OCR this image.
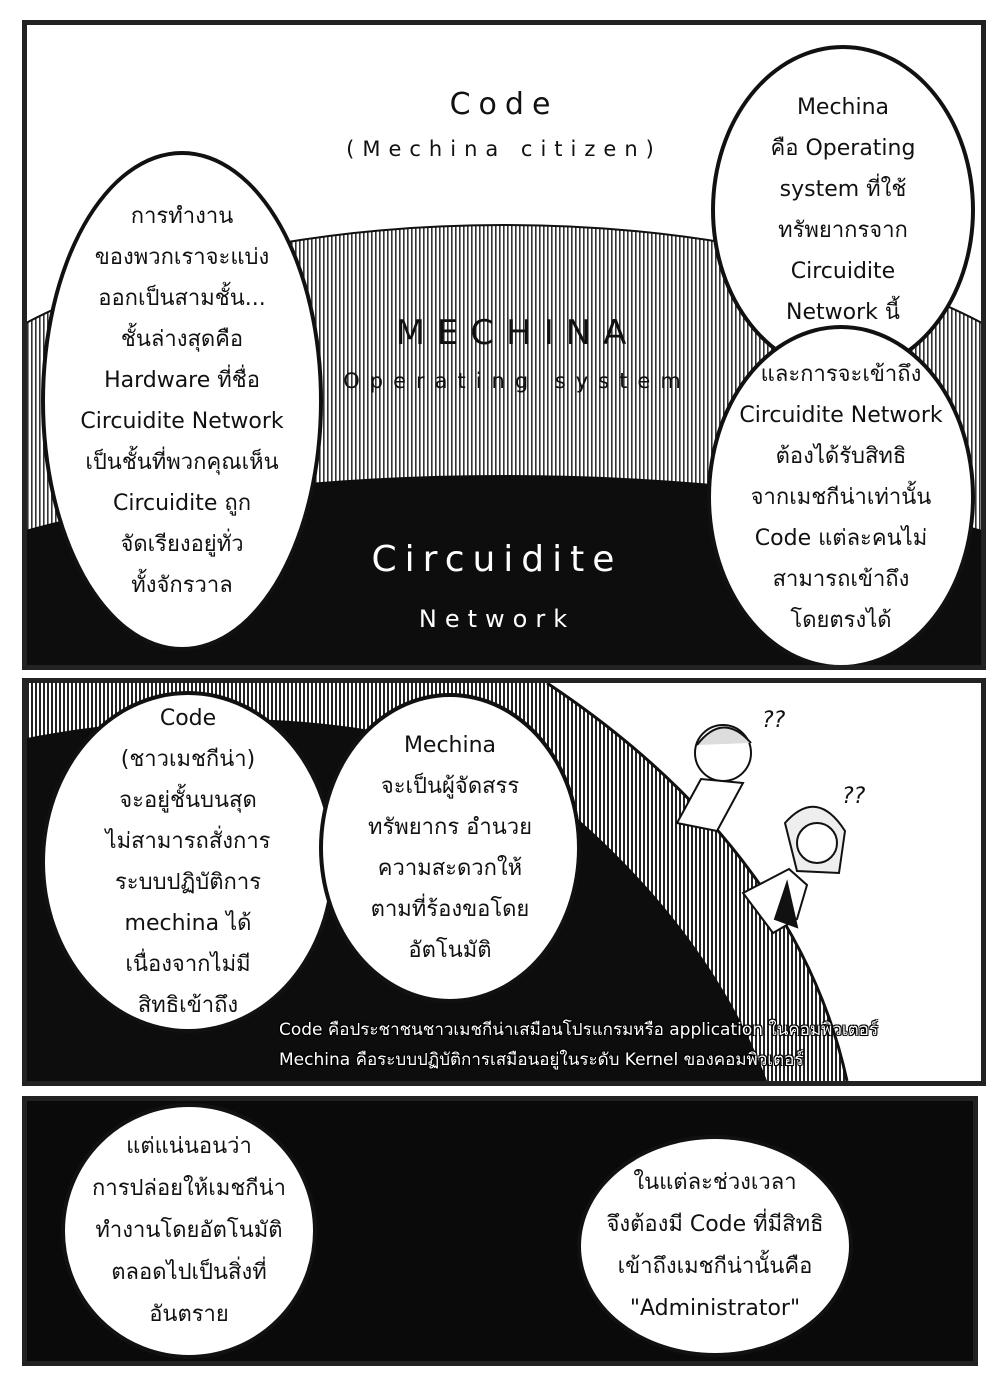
Code
(Mechina citizen)
MECHINA
Operating system
Circuidite
Network
การทำงาน
ของพวกเราจะแบ่ง
ออกเป็นสามชั้น...
ชั้นล่างสุดคือ
Hardware ที่ชื่อ
Circuidite Network
เป็นชั้นที่พวกคุณเห็น
Circuidite ถูก
จัดเรียงอยู่ทั่ว
ทั้งจักรวาล
Mechina
คือ Operating
system ที่ใช้
ทรัพยากรจาก
Circuidite
Network นี้
และการจะเข้าถึง
Circuidite Network
ต้องได้รับสิทธิ
จากเมชกีน่าเท่านั้น
Code แต่ละคนไม่
สามารถเข้าถึง
โดยตรงได้
??
??
Code
(ชาวเมชกีน่า)
จะอยู่ชั้นบนสุด
ไม่สามารถสั่งการ
ระบบปฏิบัติการ
mechina ได้
เนื่องจากไม่มี
สิทธิเข้าถึง
Mechina
จะเป็นผู้จัดสรร
ทรัพยากร อำนวย
ความสะดวกให้
ตามที่ร้องขอโดย
อัตโนมัติ
Code คือประชาชนชาวเมชกีน่าเสมือนโปรแกรมหรือ application ในคอมพิวเตอร์
Mechina คือระบบปฏิบัติการเสมือนอยู่ในระดับ Kernel ของคอมพิวเตอร์
แต่แน่นอนว่า
การปล่อยให้เมชกีน่า
ทำงานโดยอัตโนมัติ
ตลอดไปเป็นสิ่งที่
อันตราย
ในแต่ละช่วงเวลา
จึงต้องมี Code ที่มีสิทธิ
เข้าถึงเมชกีน่านั้นคือ
"Administrator"
